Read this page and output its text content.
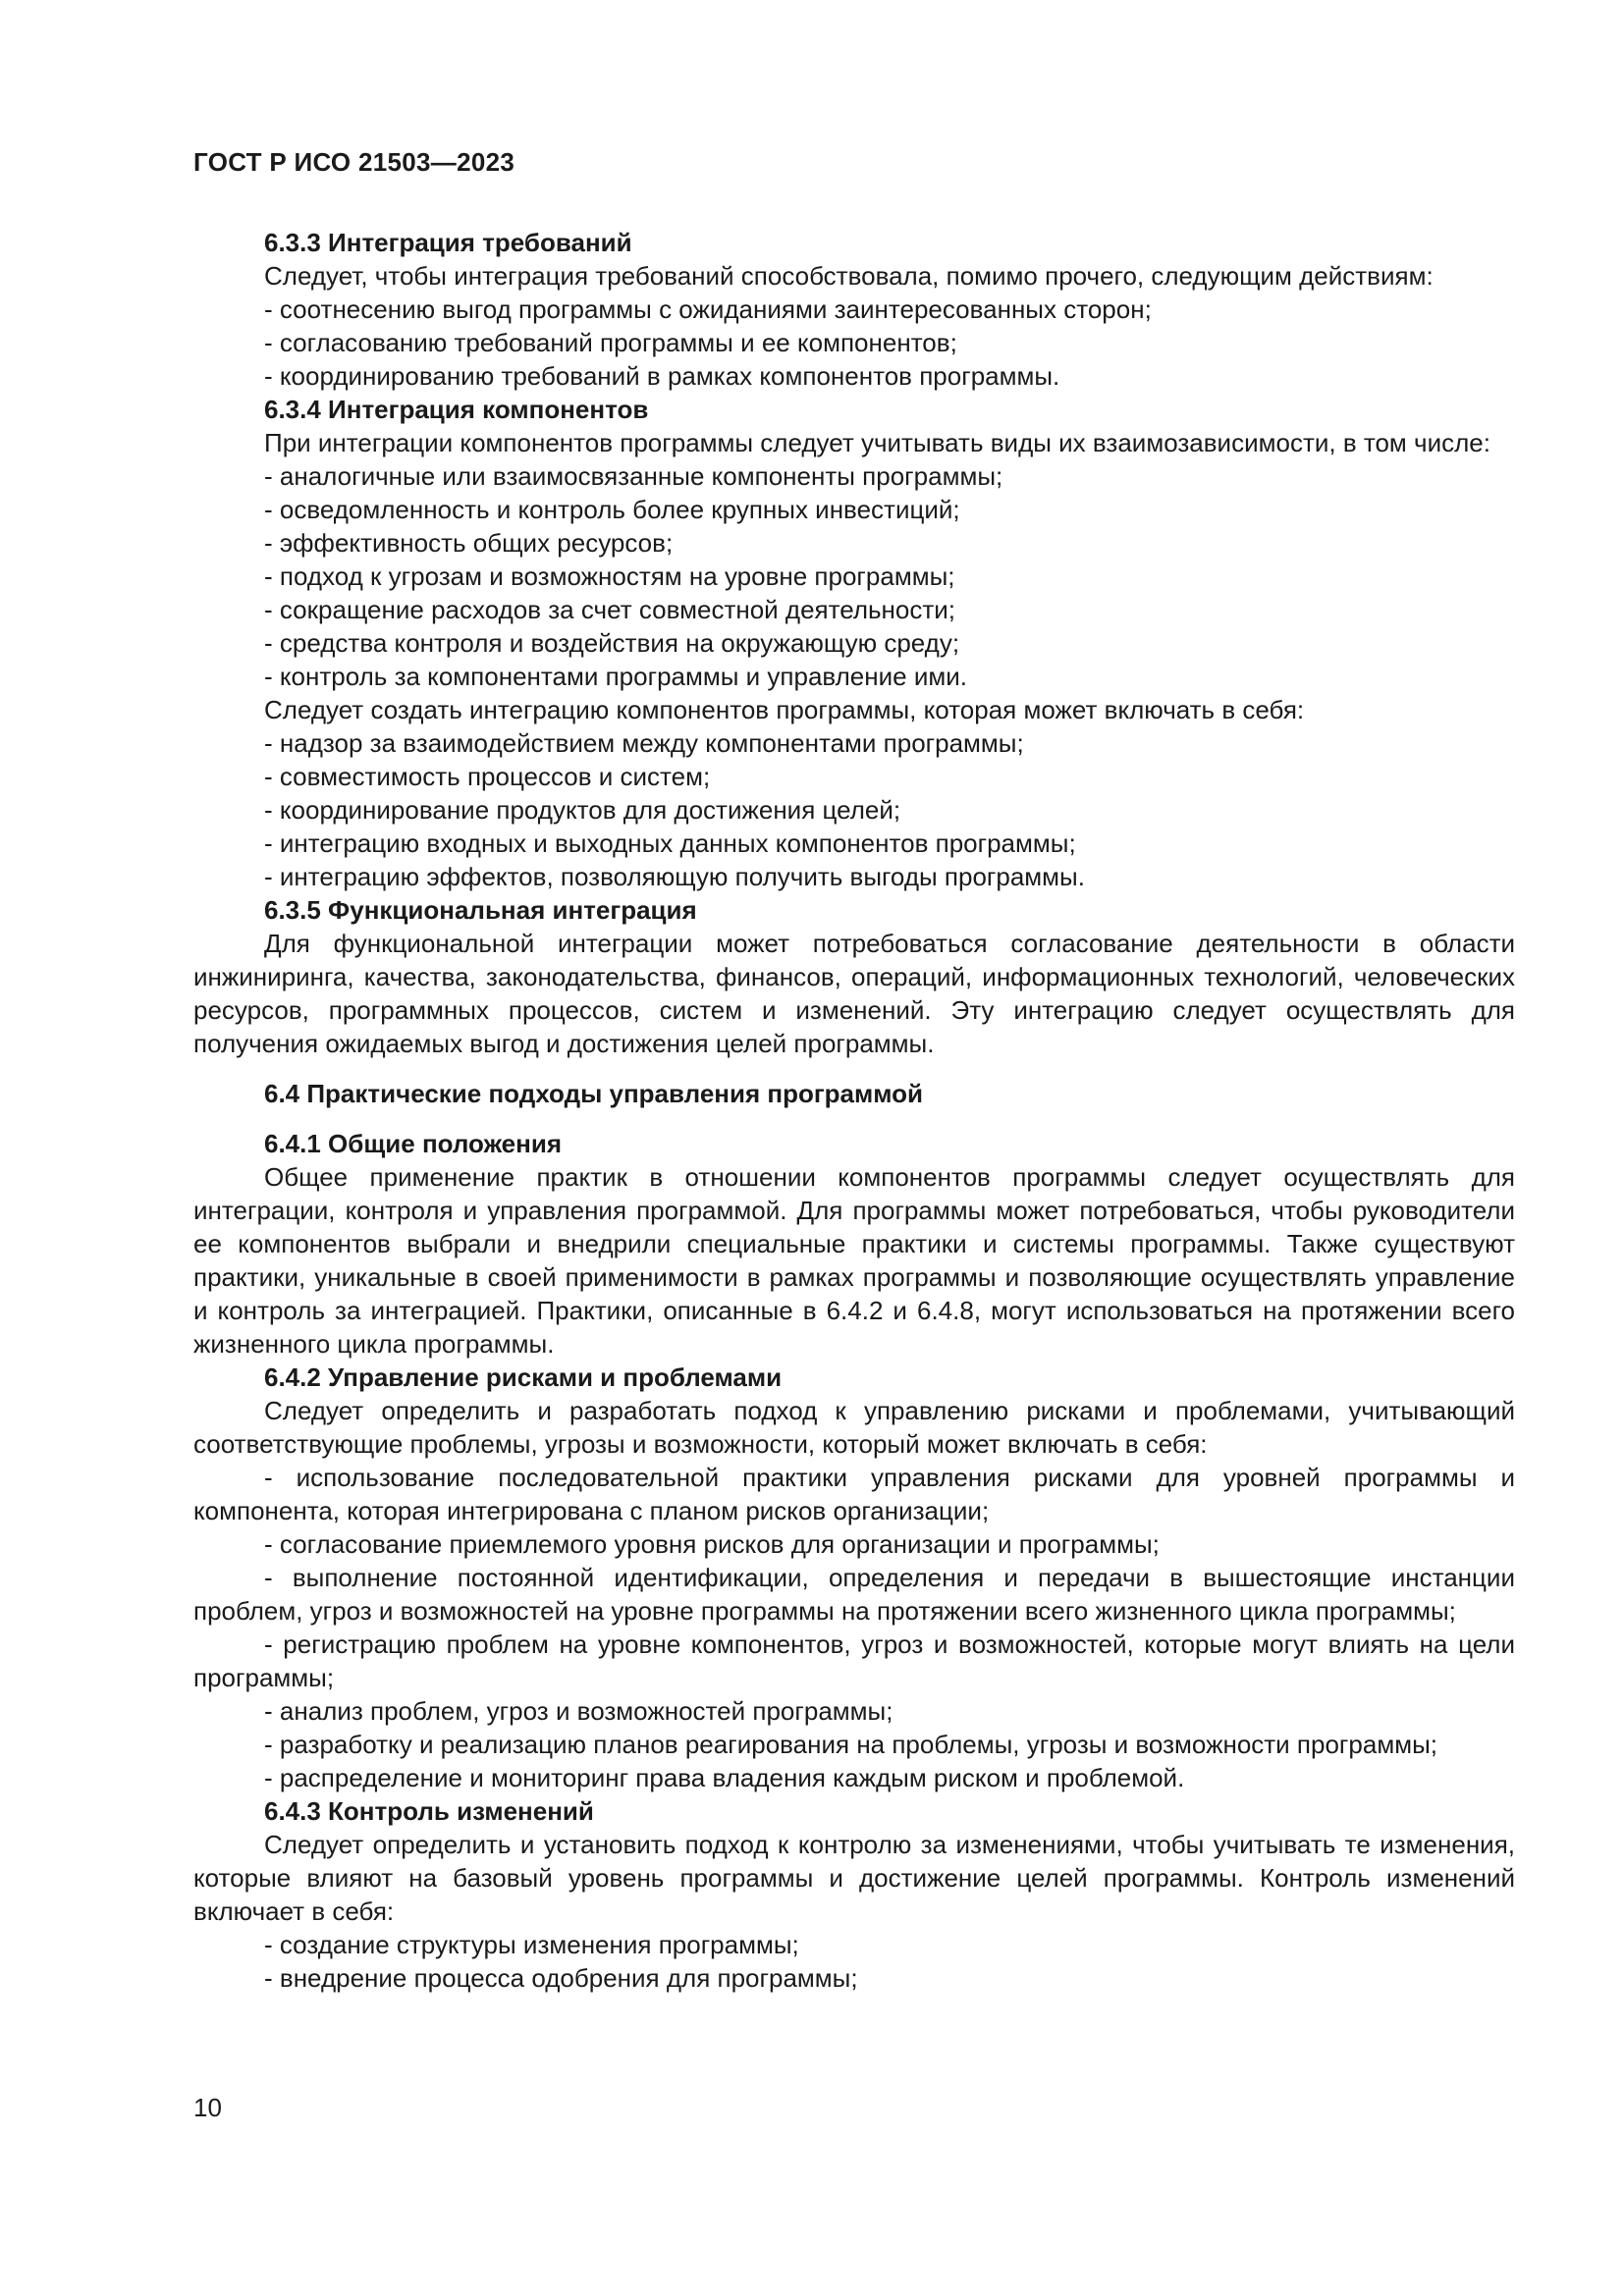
ГОСТ Р ИСО 21503—2023

6.3.3 Интеграция требований

Следует, чтобы интеграция требований способствовала, помимо прочего, следующим действиям:

- соотнесению выгод программы с ожиданиями заинтересованных сторон;

- согласованию требований программы и ее компонентов;

- координированию требований в рамках компонентов программы.

6.3.4 Интеграция компонентов

При интеграции компонентов программы следует учитывать виды их взаимозависимости, в том числе:

- аналогичные или взаимосвязанные компоненты программы;

- осведомленность и контроль более крупных инвестиций;

- эффективность общих ресурсов;

- подход к угрозам и возможностям на уровне программы;

- сокращение расходов за счет совместной деятельности;

- средства контроля и воздействия на окружающую среду;

- контроль за компонентами программы и управление ими.

Следует создать интеграцию компонентов программы, которая может включать в себя:

- надзор за взаимодействием между компонентами программы;

- совместимость процессов и систем;

- координирование продуктов для достижения целей;

- интеграцию входных и выходных данных компонентов программы;

- интеграцию эффектов, позволяющую получить выгоды программы.

6.3.5 Функциональная интеграция

Для функциональной интеграции может потребоваться согласование деятельности в области инжиниринга, качества, законодательства, финансов, операций, информационных технологий, человеческих ресурсов, программных процессов, систем и изменений. Эту интеграцию следует осуществлять для получения ожидаемых выгод и достижения целей программы.

6.4 Практические подходы управления программой

6.4.1 Общие положения

Общее применение практик в отношении компонентов программы следует осуществлять для интеграции, контроля и управления программой. Для программы может потребоваться, чтобы руководители ее компонентов выбрали и внедрили специальные практики и системы программы. Также существуют практики, уникальные в своей применимости в рамках программы и позволяющие осуществлять управление и контроль за интеграцией. Практики, описанные в 6.4.2 и 6.4.8, могут использоваться на протяжении всего жизненного цикла программы.

6.4.2 Управление рисками и проблемами

Следует определить и разработать подход к управлению рисками и проблемами, учитывающий соответствующие проблемы, угрозы и возможности, который может включать в себя:

- использование последовательной практики управления рисками для уровней программы и компонента, которая интегрирована с планом рисков организации;

- согласование приемлемого уровня рисков для организации и программы;

- выполнение постоянной идентификации, определения и передачи в вышестоящие инстанции проблем, угроз и возможностей на уровне программы на протяжении всего жизненного цикла программы;

- регистрацию проблем на уровне компонентов, угроз и возможностей, которые могут влиять на цели программы;

- анализ проблем, угроз и возможностей программы;

- разработку и реализацию планов реагирования на проблемы, угрозы и возможности программы;

- распределение и мониторинг права владения каждым риском и проблемой.

6.4.3 Контроль изменений

Следует определить и установить подход к контролю за изменениями, чтобы учитывать те изменения, которые влияют на базовый уровень программы и достижение целей программы. Контроль изменений включает в себя:

- создание структуры изменения программы;

- внедрение процесса одобрения для программы;

10
